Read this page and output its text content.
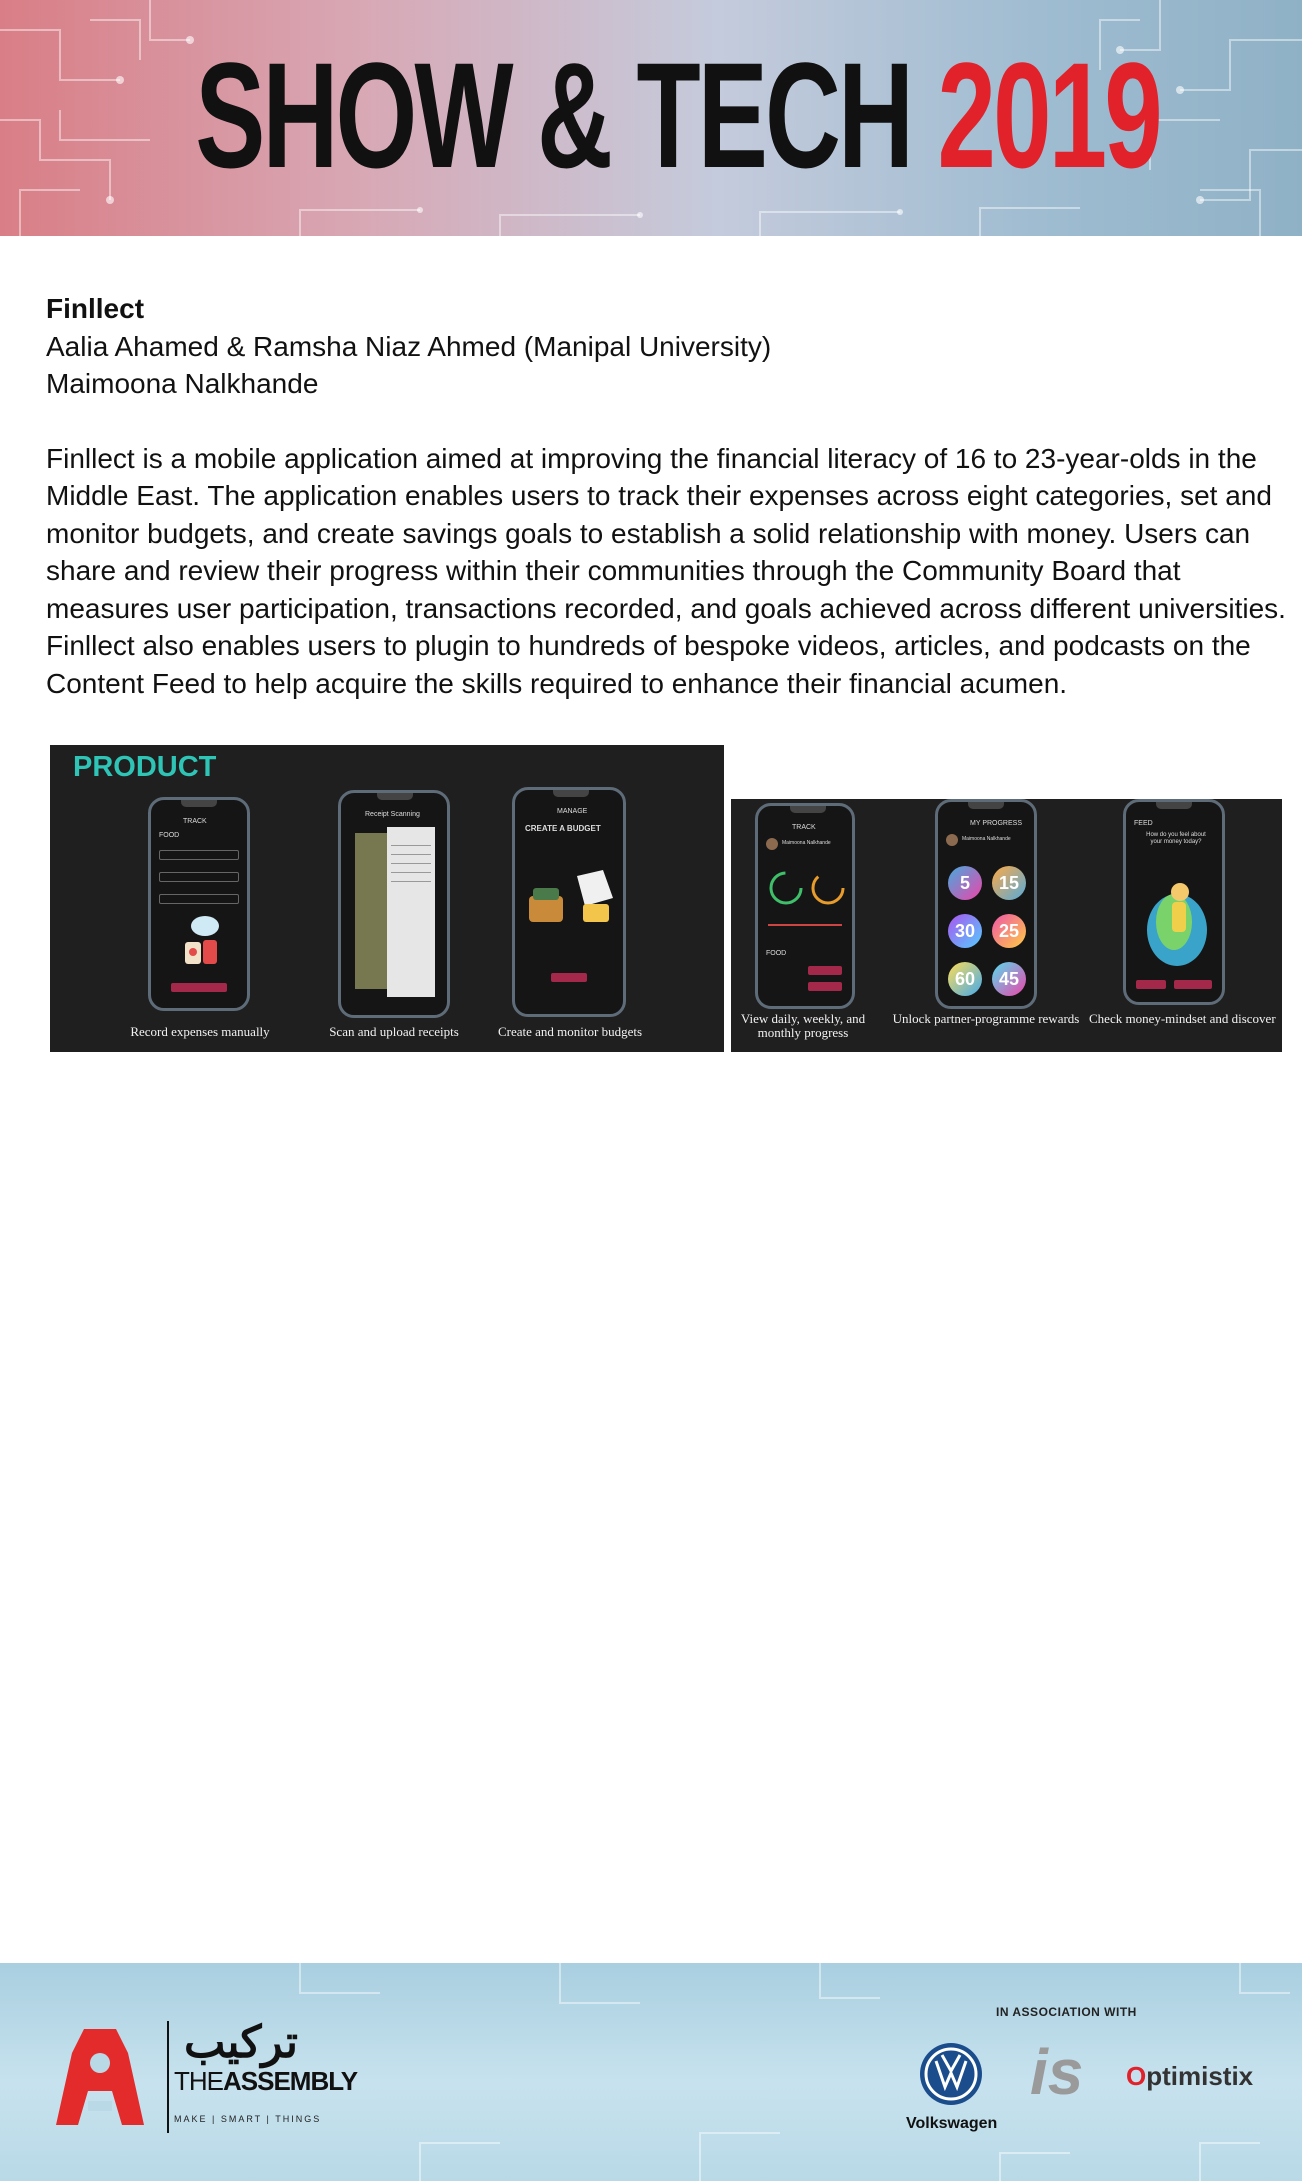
SHOW & TECH 2019
Finllect
Aalia Ahamed & Ramsha Niaz Ahmed (Manipal University)
Maimoona Nalkhande

Finllect is a mobile application aimed at improving the financial literacy of 16 to 23-year-olds in the Middle East. The application enables users to track their expenses across eight categories, set and monitor budgets, and create savings goals to establish a solid relationship with money. Users can share and review their progress within their communities through the Community Board that measures user participation, transactions recorded, and goals achieved across different universities. Finllect also enables users to plugin to hundreds of bespoke videos, articles, and podcasts on the Content Feed to help acquire the skills required to enhance their financial acumen.

PRODUCT
TRACK
FOOD
Record expenses manually
Receipt Scanning
Scan and upload receipts
MANAGE
CREATE A BUDGET
Create and monitor budgets
TRACK
Maimoona Nalkhande
FOOD
View daily, weekly, and
monthly progress
MY PROGRESS
Maimoona Nalkhande
5	15
30	25
60	45
Unlock partner-programme rewards
FEED
How do you feel about your money today?
Check money-mindset and discover
تركيب
THEASSEMBLY
MAKE | SMART | THINGS
IN ASSOCIATION WITH
Volkswagen
is Optimistix
